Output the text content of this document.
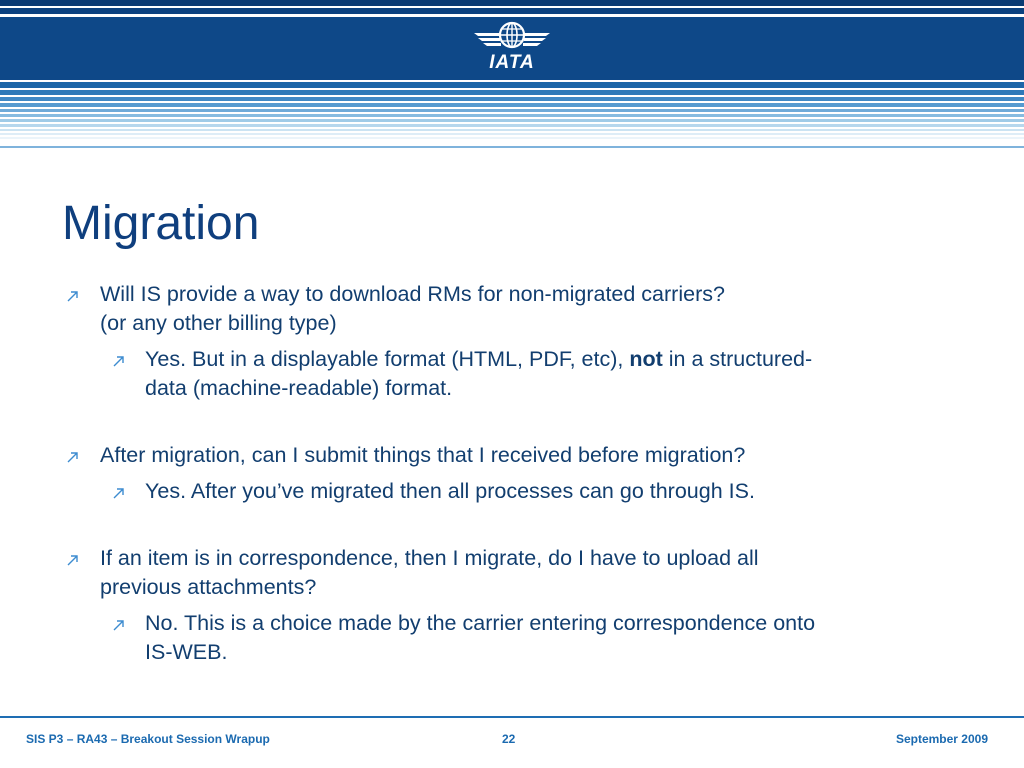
IATA
Migration
Will IS provide a way to download RMs for non-migrated carriers?
(or any other billing type)
Yes. But in a displayable format (HTML, PDF, etc), not in a structured-
data (machine-readable) format.
After migration, can I submit things that I received before migration?
Yes. After you’ve migrated then all processes can go through IS.
If an item is in correspondence, then I migrate, do I have to upload all
previous attachments?
No. This is a choice made by the carrier entering correspondence onto
IS-WEB.
SIS P3 – RA43 – Breakout Session Wrapup	22	September 2009
